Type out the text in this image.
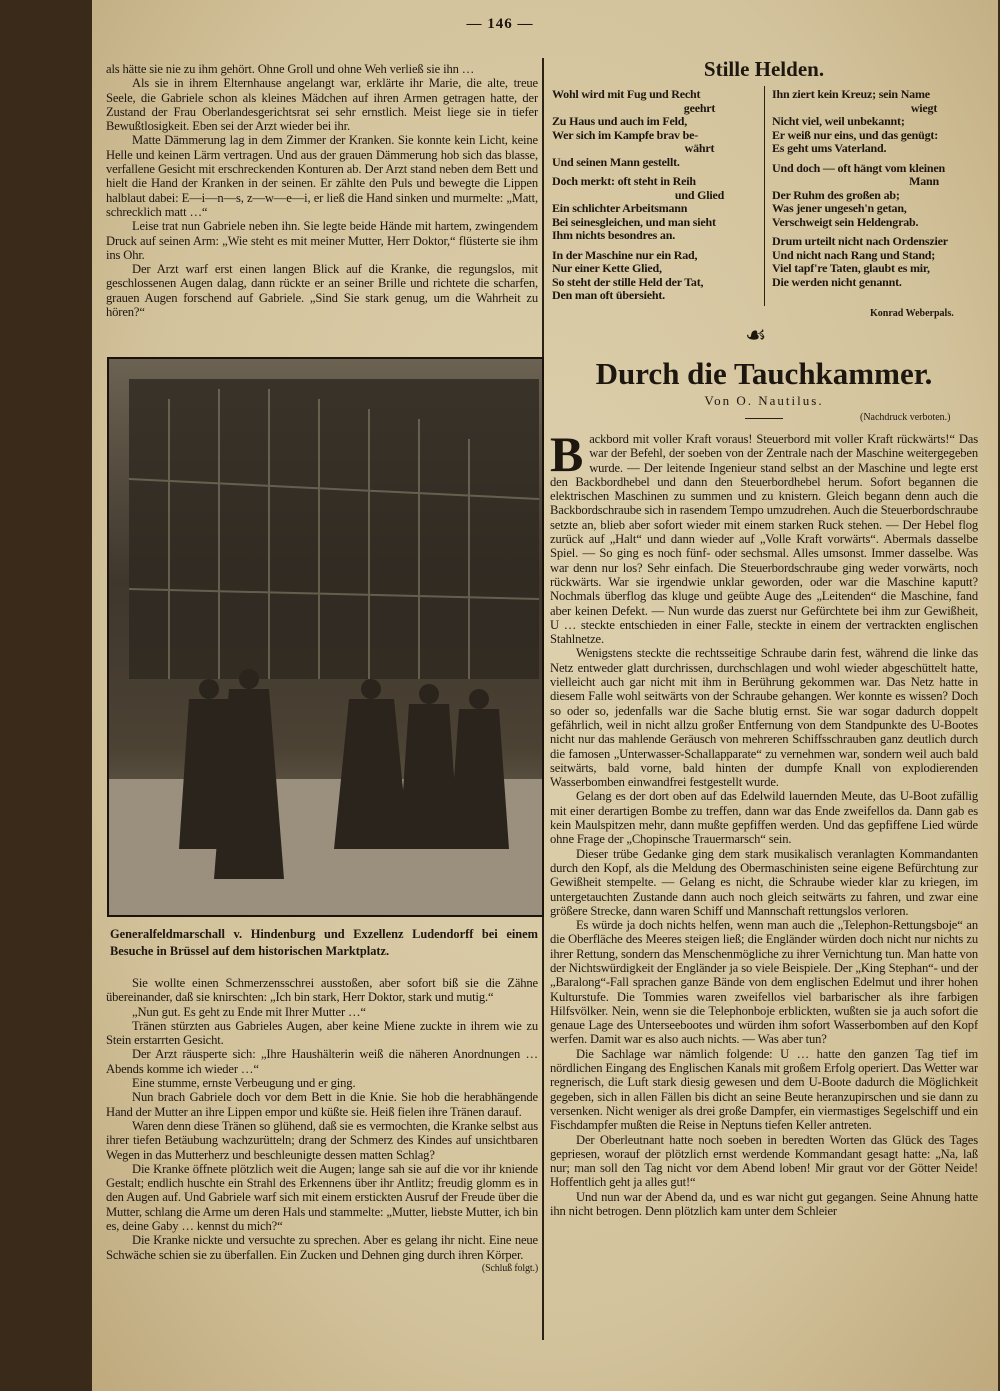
— 146 —

als hätte sie nie zu ihm gehört. Ohne Groll und ohne Weh verließ sie ihn …

Als sie in ihrem Elternhause angelangt war, erklärte ihr Marie, die alte, treue Seele, die Gabriele schon als kleines Mädchen auf ihren Armen getragen hatte, der Zustand der Frau Oberlandesgerichtsrat sei sehr ernstlich. Meist liege sie in tiefer Bewußtlosigkeit. Eben sei der Arzt wieder bei ihr.

Matte Dämmerung lag in dem Zimmer der Kranken. Sie konnte kein Licht, keine Helle und keinen Lärm vertragen. Und aus der grauen Dämmerung hob sich das blasse, verfallene Gesicht mit erschreckenden Konturen ab. Der Arzt stand neben dem Bett und hielt die Hand der Kranken in der seinen. Er zählte den Puls und bewegte die Lippen halblaut dabei: E—i—n—s, z—w—e—i, er ließ die Hand sinken und murmelte: „Matt, schrecklich matt …“

Leise trat nun Gabriele neben ihn. Sie legte beide Hände mit hartem, zwingendem Druck auf seinen Arm: „Wie steht es mit meiner Mutter, Herr Doktor,“ flüsterte sie ihm ins Ohr.

Der Arzt warf erst einen langen Blick auf die Kranke, die regungslos, mit geschlossenen Augen dalag, dann rückte er an seiner Brille und richtete die scharfen, grauen Augen forschend auf Gabriele. „Sind Sie stark genug, um die Wahrheit zu hören?“

Stille Helden.
Wohl wird mit Fug und Recht
geehrt
Zu Haus und auch im Feld,
Wer sich im Kampfe brav be-
währt
Und seinen Mann gestellt.
Doch merkt: oft steht in Reih
und Glied
Ein schlichter Arbeitsmann
Bei seinesgleichen, und man sieht
Ihm nichts besondres an.
In der Maschine nur ein Rad,
Nur einer Kette Glied,
So steht der stille Held der Tat,
Den man oft übersieht.
Ihn ziert kein Kreuz; sein Name
wiegt
Nicht viel, weil unbekannt;
Er weiß nur eins, und das genügt:
Es geht ums Vaterland.
Und doch — oft hängt vom kleinen
Mann
Der Ruhm des großen ab;
Was jener ungeseh'n getan,
Verschweigt sein Heldengrab.
Drum urteilt nicht nach Ordenszier
Und nicht nach Rang und Stand;
Viel tapf're Taten, glaubt es mir,
Die werden nicht genannt.
Konrad Weberpals.
☙
Generalfeldmarschall v. Hindenburg und Exzellenz Ludendorff bei einem Besuche in Brüssel auf dem historischen Marktplatz.

Sie wollte einen Schmerzensschrei ausstoßen, aber sofort biß sie die Zähne übereinander, daß sie knirschten: „Ich bin stark, Herr Doktor, stark und mutig.“

„Nun gut. Es geht zu Ende mit Ihrer Mutter …“

Tränen stürzten aus Gabrieles Augen, aber keine Miene zuckte in ihrem wie zu Stein erstarrten Gesicht.

Der Arzt räusperte sich: „Ihre Haushälterin weiß die näheren Anordnungen … Abends komme ich wieder …“

Eine stumme, ernste Verbeugung und er ging.

Nun brach Gabriele doch vor dem Bett in die Knie. Sie hob die herabhängende Hand der Mutter an ihre Lippen empor und küßte sie. Heiß fielen ihre Tränen darauf.

Waren denn diese Tränen so glühend, daß sie es vermochten, die Kranke selbst aus ihrer tiefen Betäubung wachzurütteln; drang der Schmerz des Kindes auf unsichtbaren Wegen in das Mutterherz und beschleunigte dessen matten Schlag?

Die Kranke öffnete plötzlich weit die Augen; lange sah sie auf die vor ihr kniende Gestalt; endlich huschte ein Strahl des Erkennens über ihr Antlitz; freudig glomm es in den Augen auf. Und Gabriele warf sich mit einem erstickten Ausruf der Freude über die Mutter, schlang die Arme um deren Hals und stammelte: „Mutter, liebste Mutter, ich bin es, deine Gaby … kennst du mich?“

Die Kranke nickte und versuchte zu sprechen. Aber es gelang ihr nicht. Eine neue Schwäche schien sie zu überfallen. Ein Zucken und Dehnen ging durch ihren Körper.
(Schluß folgt.)

Durch die Tauchkammer.
Von O. Nautilus.
(Nachdruck verboten.)

Backbord mit voller Kraft voraus! Steuerbord mit voller Kraft rückwärts!“ Das war der Befehl, der soeben von der Zentrale nach der Maschine weitergegeben wurde. — Der leitende Ingenieur stand selbst an der Maschine und legte erst den Backbordhebel und dann den Steuerbordhebel herum. Sofort begannen die elektrischen Maschinen zu summen und zu knistern. Gleich begann denn auch die Backbordschraube sich in rasendem Tempo umzudrehen. Auch die Steuerbordschraube setzte an, blieb aber sofort wieder mit einem starken Ruck stehen. — Der Hebel flog zurück auf „Halt“ und dann wieder auf „Volle Kraft vorwärts“. Abermals dasselbe Spiel. — So ging es noch fünf- oder sechsmal. Alles umsonst. Immer dasselbe. Was war denn nur los? Sehr einfach. Die Steuerbordschraube ging weder vorwärts, noch rückwärts. War sie irgendwie unklar geworden, oder war die Maschine kaputt? Nochmals überflog das kluge und geübte Auge des „Leitenden“ die Maschine, fand aber keinen Defekt. — Nun wurde das zuerst nur Gefürchtete bei ihm zur Gewißheit, U … steckte entschieden in einer Falle, steckte in einem der vertrackten englischen Stahlnetze.

Wenigstens steckte die rechtsseitige Schraube darin fest, während die linke das Netz entweder glatt durchrissen, durchschlagen und wohl wieder abgeschüttelt hatte, vielleicht auch gar nicht mit ihm in Berührung gekommen war. Das Netz hatte in diesem Falle wohl seitwärts von der Schraube gehangen. Wer konnte es wissen? Doch so oder so, jedenfalls war die Sache blutig ernst. Sie war sogar dadurch doppelt gefährlich, weil in nicht allzu großer Entfernung von dem Standpunkte des U-Bootes nicht nur das mahlende Geräusch von mehreren Schiffsschrauben ganz deutlich durch die famosen „Unterwasser-Schallapparate“ zu vernehmen war, sondern weil auch bald seitwärts, bald vorne, bald hinten der dumpfe Knall von explodierenden Wasserbomben einwandfrei festgestellt wurde.

Gelang es der dort oben auf das Edelwild lauernden Meute, das U-Boot zufällig mit einer derartigen Bombe zu treffen, dann war das Ende zweifellos da. Dann gab es kein Maulspitzen mehr, dann mußte gepfiffen werden. Und das gepfiffene Lied würde ohne Frage der „Chopinsche Trauermarsch“ sein.

Dieser trübe Gedanke ging dem stark musikalisch veranlagten Kommandanten durch den Kopf, als die Meldung des Obermaschinisten seine eigene Befürchtung zur Gewißheit stempelte. — Gelang es nicht, die Schraube wieder klar zu kriegen, im untergetauchten Zustande dann auch noch gleich seitwärts zu fahren, und zwar eine größere Strecke, dann waren Schiff und Mannschaft rettungslos verloren.

Es würde ja doch nichts helfen, wenn man auch die „Telephon-Rettungsboje“ an die Oberfläche des Meeres steigen ließ; die Engländer würden doch nicht nur nichts zu ihrer Rettung, sondern das Menschenmögliche zu ihrer Vernichtung tun. Man hatte von der Nichtswürdigkeit der Engländer ja so viele Beispiele. Der „King Stephan“- und der „Baralong“-Fall sprachen ganze Bände von dem englischen Edelmut und ihrer hohen Kulturstufe. Die Tommies waren zweifellos viel barbarischer als ihre farbigen Hilfsvölker. Nein, wenn sie die Telephonboje erblickten, wußten sie ja auch sofort die genaue Lage des Unterseebootes und würden ihm sofort Wasserbomben auf den Kopf werfen. Damit war es also auch nichts. — Was aber tun?

Die Sachlage war nämlich folgende: U … hatte den ganzen Tag tief im nördlichen Eingang des Englischen Kanals mit großem Erfolg operiert. Das Wetter war regnerisch, die Luft stark diesig gewesen und dem U-Boote dadurch die Möglichkeit gegeben, sich in allen Fällen bis dicht an seine Beute heranzupirschen und sie dann zu versenken. Nicht weniger als drei große Dampfer, ein viermastiges Segelschiff und ein Fischdampfer mußten die Reise in Neptuns tiefen Keller antreten.

Der Oberleutnant hatte noch soeben in beredten Worten das Glück des Tages gepriesen, worauf der plötzlich ernst werdende Kommandant gesagt hatte: „Na, laß nur; man soll den Tag nicht vor dem Abend loben! Mir graut vor der Götter Neide! Hoffentlich geht ja alles gut!“

Und nun war der Abend da, und es war nicht gut gegangen. Seine Ahnung hatte ihn nicht betrogen. Denn plötzlich kam unter dem Schleier
